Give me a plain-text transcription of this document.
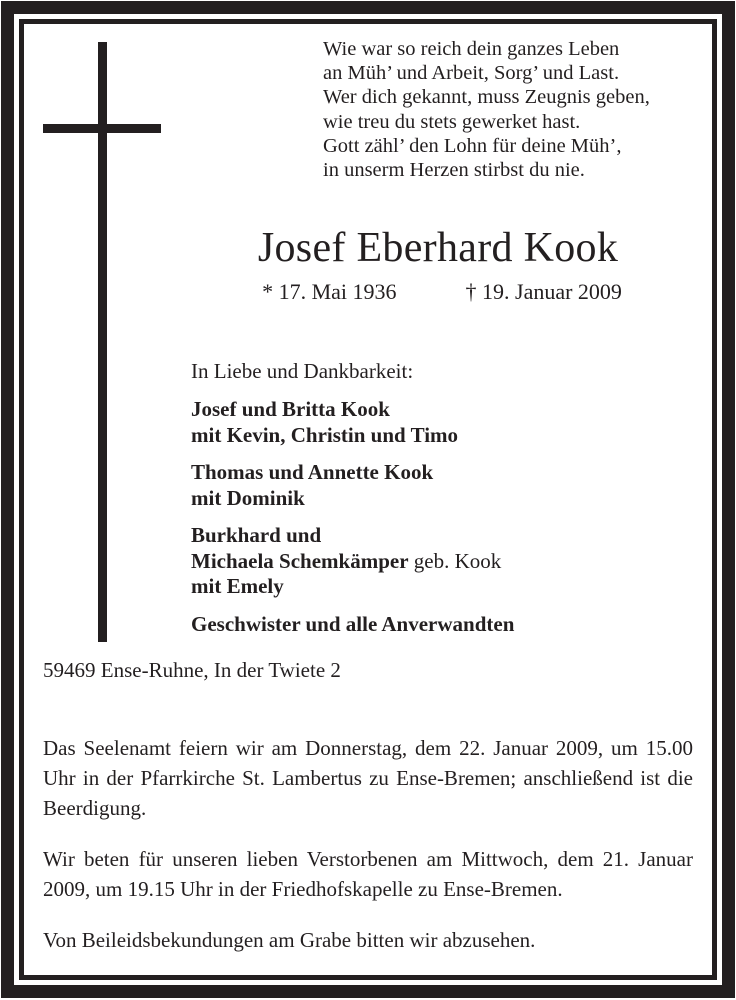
Wie war so reich dein ganzes Leben
an Müh’ und Arbeit, Sorg’ und Last.
Wer dich gekannt, muss Zeugnis geben,
wie treu du stets gewerket hast.
Gott zähl’ den Lohn für deine Müh’,
in unserm Herzen stirbst du nie.
Josef Eberhard Kook
* 17. Mai 1936	† 19. Januar 2009
In Liebe und Dankbarkeit:
Josef und Britta Kook
mit Kevin, Christin und Timo
Thomas und Annette Kook
mit Dominik
Burkhard und
Michaela Schemkämper geb. Kook
mit Emely
Geschwister und alle Anverwandten
59469 Ense-Ruhne, In der Twiete 2
Das Seelenamt feiern wir am Donnerstag, dem 22. Januar 2009, um 15.00 Uhr in der Pfarrkirche St. Lambertus zu Ense-Bremen; anschließend ist die Beerdigung.
Wir beten für unseren lieben Verstorbenen am Mittwoch, dem 21. Januar 2009, um 19.15 Uhr in der Friedhofskapelle zu Ense-Bremen.
Von Beileidsbekundungen am Grabe bitten wir abzusehen.
